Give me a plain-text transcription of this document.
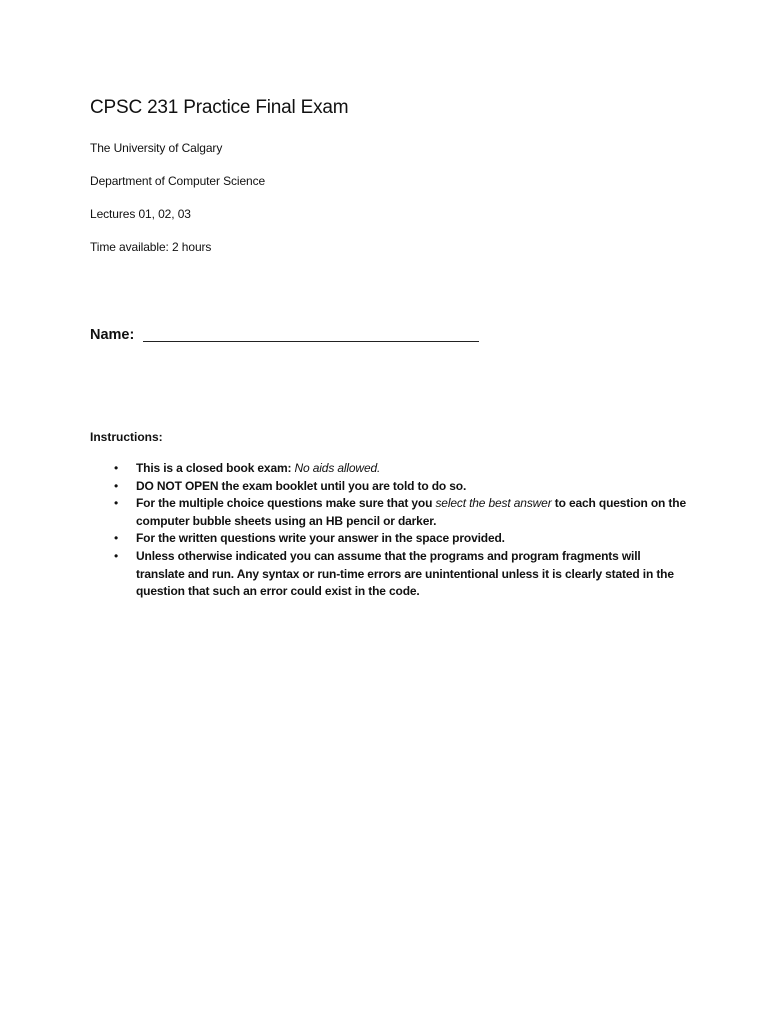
CPSC 231 Practice Final Exam

The University of Calgary

Department of Computer Science

Lectures 01, 02, 03

Time available: 2 hours

Name:

Instructions:

• This is a closed book exam: No aids allowed.
• DO NOT OPEN the exam booklet until you are told to do so.
• For the multiple choice questions make sure that you select the best answer to each question on the computer bubble sheets using an HB pencil or darker.
• For the written questions write your answer in the space provided.
• Unless otherwise indicated you can assume that the programs and program fragments will translate and run. Any syntax or run-time errors are unintentional unless it is clearly stated in the question that such an error could exist in the code.
